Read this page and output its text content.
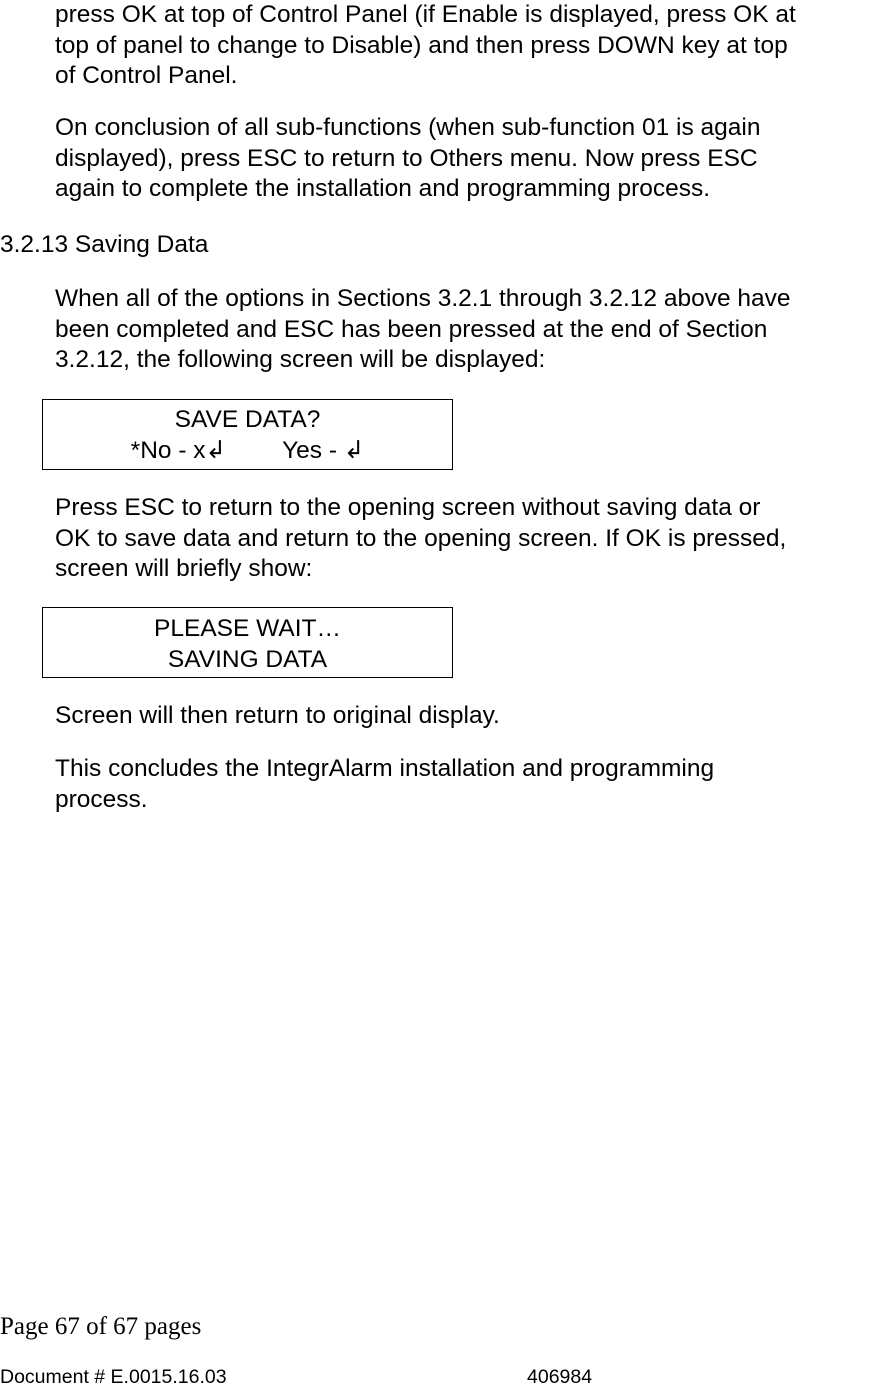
press OK at top of Control Panel (if Enable is displayed, press OK at
top of panel to change to Disable) and then press DOWN key at top
of Control Panel.

On conclusion of all sub-functions (when sub-function 01 is again
displayed), press ESC to return to Others menu. Now press ESC
again to complete the installation and programming process.

3.2.13 Saving Data

When all of the options in Sections 3.2.1 through 3.2.12 above have
been completed and ESC has been pressed at the end of Section
3.2.12, the following screen will be displayed:

SAVE DATA?
*No - x↲ Yes - ↲

Press ESC to return to the opening screen without saving data or
OK to save data and return to the opening screen. If OK is pressed,
screen will briefly show:

PLEASE WAIT…
SAVING DATA

Screen will then return to original display.

This concludes the IntegrAlarm installation and programming
process.

Page 67 of 67 pages
Document # E.0015.16.03	406984
